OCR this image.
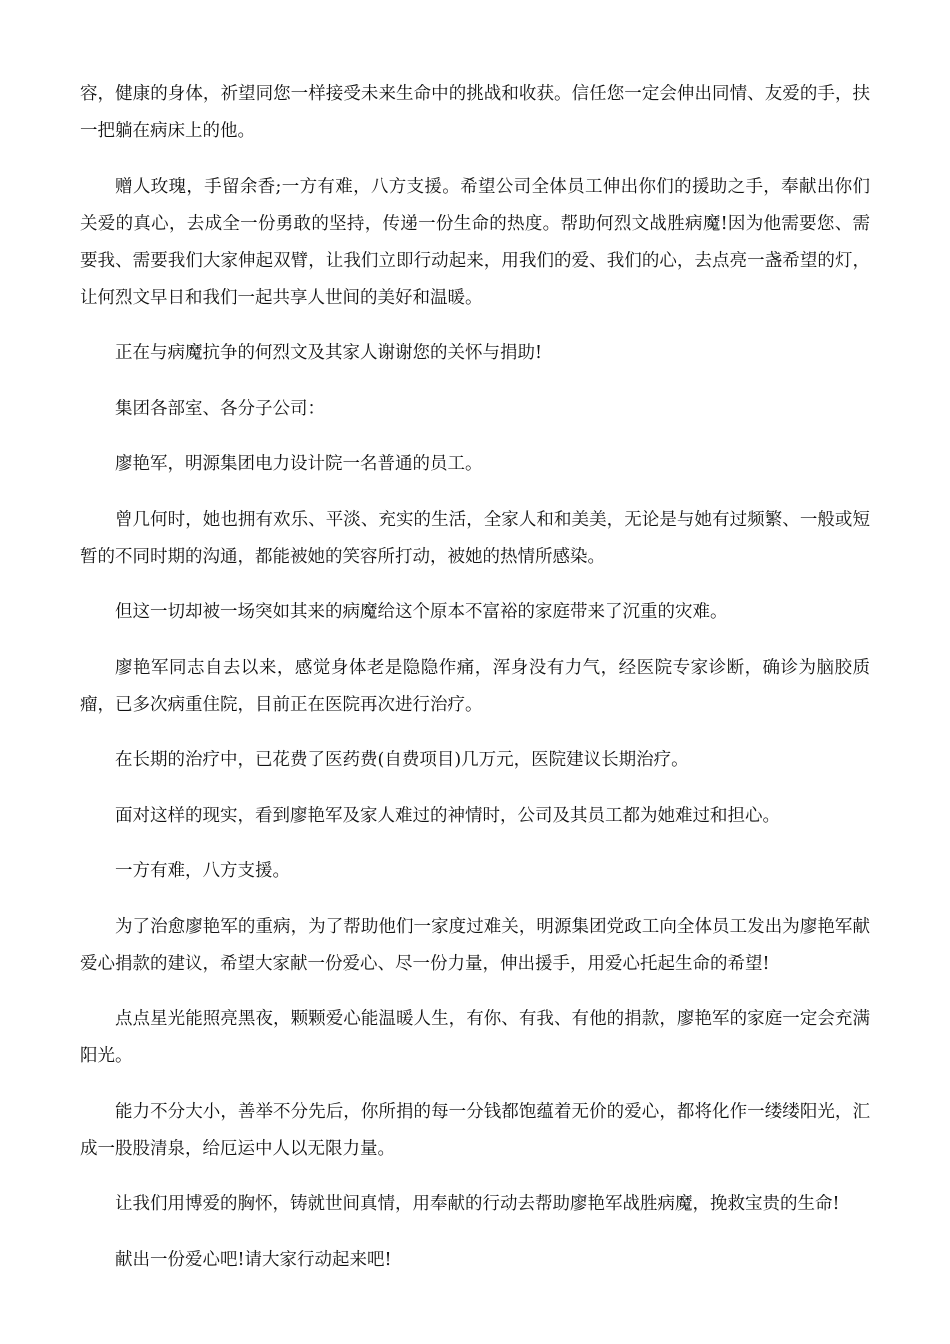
容，健康的身体，祈望同您一样接受未来生命中的挑战和收获。信任您一定会伸出同情、友爱的手，扶一把躺在病床上的他。

赠人玫瑰，手留余香;一方有难，八方支援。希望公司全体员工伸出你们的援助之手，奉献出你们关爱的真心，去成全一份勇敢的坚持，传递一份生命的热度。帮助何烈文战胜病魔!因为他需要您、需要我、需要我们大家伸起双臂，让我们立即行动起来，用我们的爱、我们的心，去点亮一盏希望的灯，让何烈文早日和我们一起共享人世间的美好和温暖。

正在与病魔抗争的何烈文及其家人谢谢您的关怀与捐助!

集团各部室、各分子公司：

廖艳军，明源集团电力设计院一名普通的员工。

曾几何时，她也拥有欢乐、平淡、充实的生活，全家人和和美美，无论是与她有过频繁、一般或短暂的不同时期的沟通，都能被她的笑容所打动，被她的热情所感染。

但这一切却被一场突如其来的病魔给这个原本不富裕的家庭带来了沉重的灾难。

廖艳军同志自去以来，感觉身体老是隐隐作痛，浑身没有力气，经医院专家诊断，确诊为脑胶质瘤，已多次病重住院，目前正在医院再次进行治疗。

在长期的治疗中，已花费了医药费(自费项目)几万元，医院建议长期治疗。

面对这样的现实，看到廖艳军及家人难过的神情时，公司及其员工都为她难过和担心。

一方有难，八方支援。

为了治愈廖艳军的重病，为了帮助他们一家度过难关，明源集团党政工向全体员工发出为廖艳军献爱心捐款的建议，希望大家献一份爱心、尽一份力量，伸出援手，用爱心托起生命的希望!

点点星光能照亮黑夜，颗颗爱心能温暖人生，有你、有我、有他的捐款，廖艳军的家庭一定会充满阳光。

能力不分大小，善举不分先后，你所捐的每一分钱都饱蕴着无价的爱心，都将化作一缕缕阳光，汇成一股股清泉，给厄运中人以无限力量。

让我们用博爱的胸怀，铸就世间真情，用奉献的行动去帮助廖艳军战胜病魔，挽救宝贵的生命!

献出一份爱心吧!请大家行动起来吧!
